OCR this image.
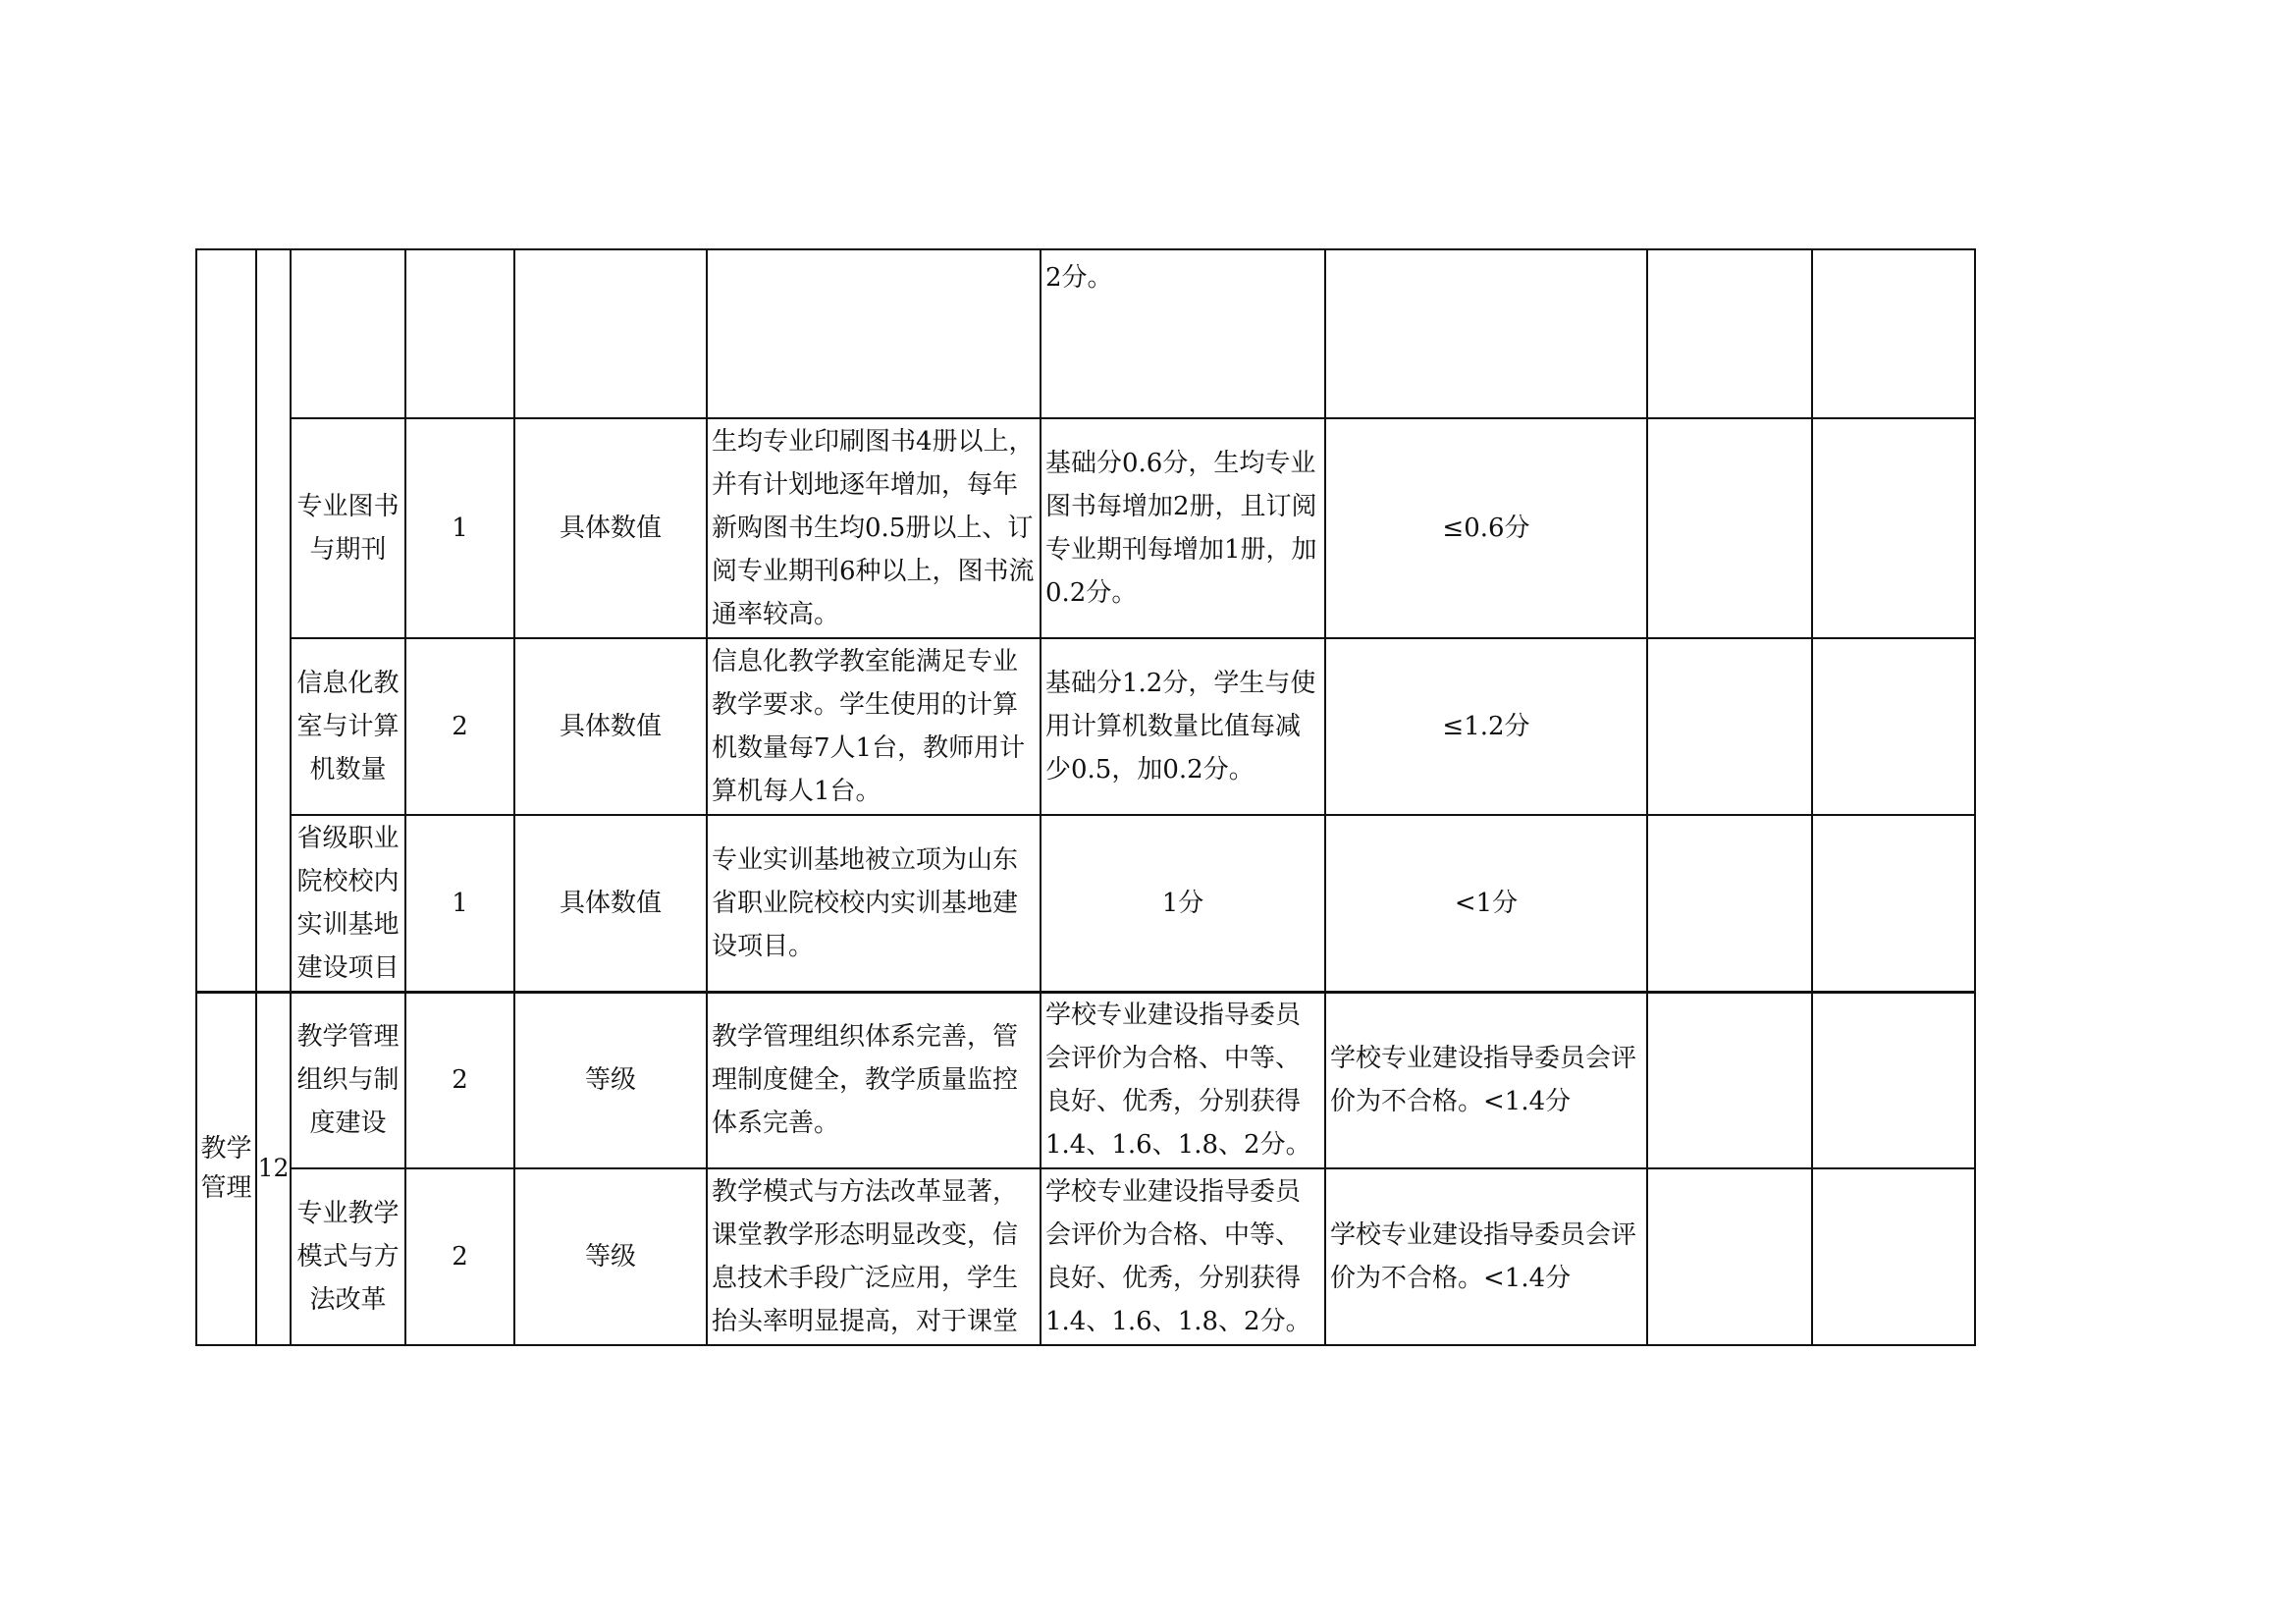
						2分。			
		专业图书与期刊	1	具体数值	生均专业印刷图书4册以上，并有计划地逐年增加，每年新购图书生均0.5册以上、订阅专业期刊6种以上，图书流通率较高。	基础分0.6分，生均专业图书每增加2册，且订阅专业期刊每增加1册，加0.2分。	≤0.6分		
		信息化教室与计算机数量	2	具体数值	信息化教学教室能满足专业教学要求。学生使用的计算机数量每7人1台，教师用计算机每人1台。	基础分1.2分，学生与使用计算机数量比值每减少0.5，加0.2分。	≤1.2分		
		省级职业院校校内实训基地建设项目	1	具体数值	专业实训基地被立项为山东省职业院校校内实训基地建设项目。	1分	<1分		
教学管理	12	教学管理组织与制度建设	2	等级	教学管理组织体系完善，管理制度健全，教学质量监控体系完善。	学校专业建设指导委员会评价为合格、中等、良好、优秀，分别获得1.4、1.6、1.8、2分。	学校专业建设指导委员会评价为不合格。<1.4分		
		专业教学模式与方法改革	2	等级	教学模式与方法改革显著，课堂教学形态明显改变，信息技术手段广泛应用，学生抬头率明显提高，对于课堂	学校专业建设指导委员会评价为合格、中等、良好、优秀，分别获得1.4、1.6、1.8、2分。	学校专业建设指导委员会评价为不合格。<1.4分		
